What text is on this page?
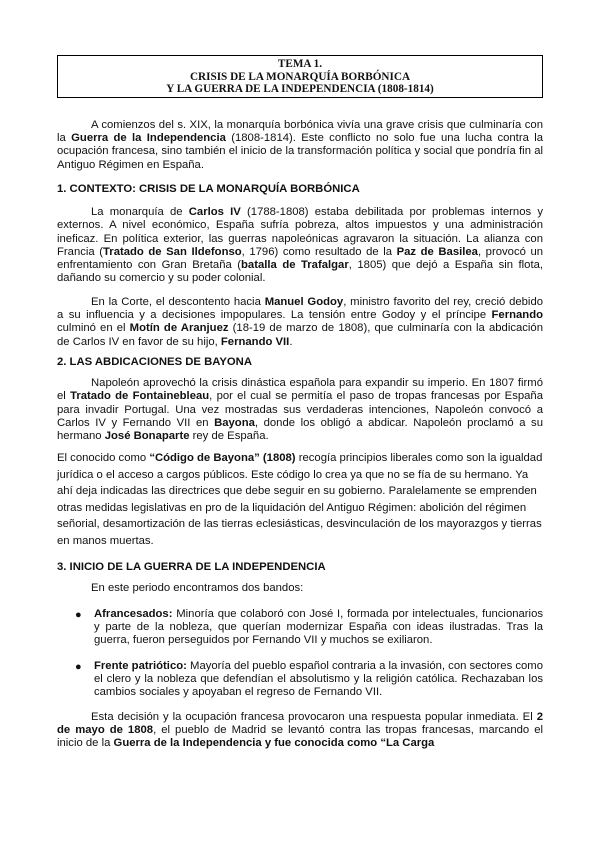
TEMA 1.
CRISIS DE LA MONARQUÍA BORBÓNICA
Y LA GUERRA DE LA INDEPENDENCIA (1808-1814)

A comienzos del s. XIX, la monarquía borbónica vivía una grave crisis que culminaría con la Guerra de la Independencia (1808-1814). Este conflicto no solo fue una lucha contra la ocupación francesa, sino también el inicio de la transformación política y social que pondría fin al Antiguo Régimen en España.

1. CONTEXTO: CRISIS DE LA MONARQUÍA BORBÓNICA

La monarquía de Carlos IV (1788-1808) estaba debilitada por problemas internos y externos. A nivel económico, España sufría pobreza, altos impuestos y una administración ineficaz. En política exterior, las guerras napoleónicas agravaron la situación. La alianza con Francia (Tratado de San Ildefonso, 1796) como resultado de la Paz de Basilea, provocó un enfrentamiento con Gran Bretaña (batalla de Trafalgar, 1805) que dejó a España sin flota, dañando su comercio y su poder colonial.

En la Corte, el descontento hacia Manuel Godoy, ministro favorito del rey, creció debido a su influencia y a decisiones impopulares. La tensión entre Godoy y el príncipe Fernando culminó en el Motín de Aranjuez (18-19 de marzo de 1808), que culminaría con la abdicación de Carlos IV en favor de su hijo, Fernando VII.

2. LAS ABDICACIONES DE BAYONA

Napoleón aprovechó la crisis dinástica española para expandir su imperio. En 1807 firmó el Tratado de Fontainebleau, por el cual se permitía el paso de tropas francesas por España para invadir Portugal. Una vez mostradas sus verdaderas intenciones, Napoleón convocó a Carlos IV y Fernando VII en Bayona, donde los obligó a abdicar. Napoleón proclamó a su hermano José Bonaparte rey de España.

El conocido como “Código de Bayona” (1808) recogía principios liberales como son la igualdad jurídica o el acceso a cargos públicos. Este código lo crea ya que no se fía de su hermano. Ya ahí deja indicadas las directrices que debe seguir en su gobierno. Paralelamente se emprenden otras medidas legislativas en pro de la liquidación del Antiguo Régimen: abolición del régimen señorial, desamortización de las tierras eclesiásticas, desvinculación de los mayorazgos y tierras en manos muertas.

3. INICIO DE LA GUERRA DE LA INDEPENDENCIA

En este periodo encontramos dos bandos:

● Afrancesados: Minoría que colaboró con José I, formada por intelectuales, funcionarios y parte de la nobleza, que querían modernizar España con ideas ilustradas. Tras la guerra, fueron perseguidos por Fernando VII y muchos se exiliaron.
● Frente patriótico: Mayoría del pueblo español contraria a la invasión, con sectores como el clero y la nobleza que defendían el absolutismo y la religión católica. Rechazaban los cambios sociales y apoyaban el regreso de Fernando VII.

Esta decisión y la ocupación francesa provocaron una respuesta popular inmediata. El 2 de mayo de 1808, el pueblo de Madrid se levantó contra las tropas francesas, marcando el inicio de la Guerra de la Independencia y fue conocida como “La Carga
